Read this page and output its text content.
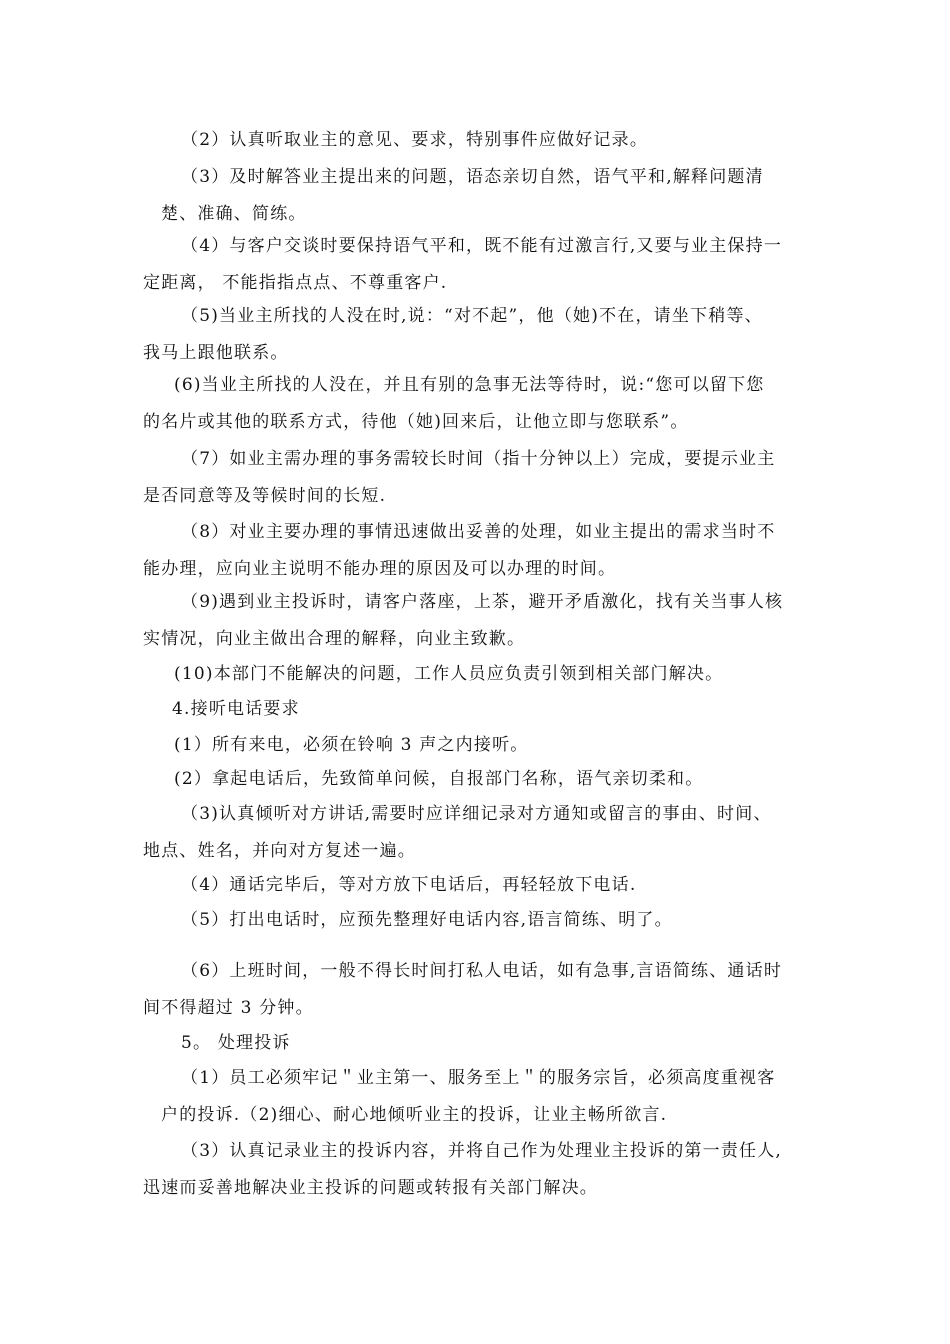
（2）认真听取业主的意见、要求，特别事件应做好记录。
（3）及时解答业主提出来的问题，语态亲切自然，语气平和,解释问题清
楚、准确、简练。
（4）与客户交谈时要保持语气平和，既不能有过激言行,又要与业主保持一
定距离， 不能指指点点、不尊重客户.
（5)当业主所找的人没在时,说：“对不起”，他（她)不在，请坐下稍等、
我马上跟他联系。
(6)当业主所找的人没在，并且有别的急事无法等待时，说:“您可以留下您
的名片或其他的联系方式，待他（她)回来后，让他立即与您联系”。
（7）如业主需办理的事务需较长时间（指十分钟以上）完成，要提示业主
是否同意等及等候时间的长短.
（8）对业主要办理的事情迅速做出妥善的处理，如业主提出的需求当时不
能办理，应向业主说明不能办理的原因及可以办理的时间。
（9)遇到业主投诉时，请客户落座，上茶，避开矛盾激化，找有关当事人核
实情况，向业主做出合理的解释，向业主致歉。
(10)本部门不能解决的问题，工作人员应负责引领到相关部门解决。
4.接听电话要求
(1）所有来电，必须在铃响 3 声之内接听。
(2）拿起电话后，先致简单问候，自报部门名称，语气亲切柔和。
（3)认真倾听对方讲话,需要时应详细记录对方通知或留言的事由、时间、
地点、姓名，并向对方复述一遍。
（4）通话完毕后，等对方放下电话后，再轻轻放下电话.
（5）打出电话时，应预先整理好电话内容,语言简练、明了。
（6）上班时间，一般不得长时间打私人电话，如有急事,言语简练、通话时
间不得超过 3 分钟。
5。 处理投诉
（1）员工必须牢记＂业主第一、服务至上＂的服务宗旨，必须高度重视客
户的投诉.（2)细心、耐心地倾听业主的投诉，让业主畅所欲言.
（3）认真记录业主的投诉内容，并将自己作为处理业主投诉的第一责任人,
迅速而妥善地解决业主投诉的问题或转报有关部门解决。
